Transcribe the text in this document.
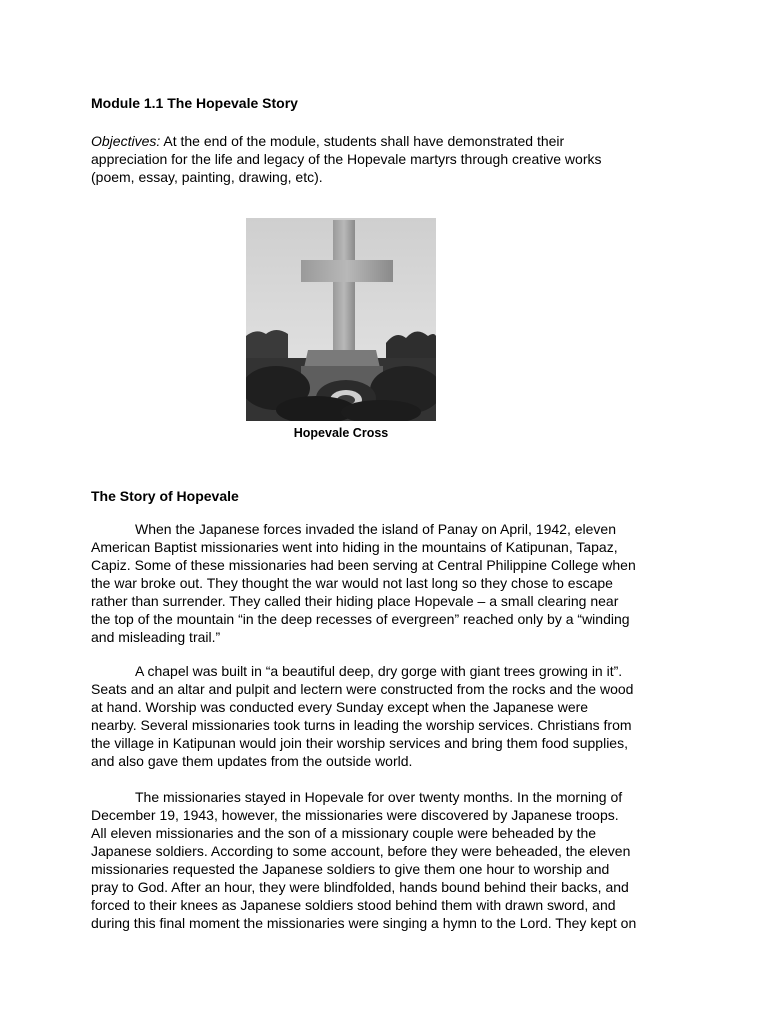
Module 1.1 The Hopevale Story
Objectives: At the end of the module, students shall have demonstrated their
appreciation for the life and legacy of the Hopevale martyrs through creative works
(poem, essay, painting, drawing, etc).
Hopevale Cross
The Story of Hopevale
When the Japanese forces invaded the island of Panay on April, 1942, eleven
American Baptist missionaries went into hiding in the mountains of Katipunan, Tapaz,
Capiz. Some of these missionaries had been serving at Central Philippine College when
the war broke out. They thought the war would not last long so they chose to escape
rather than surrender. They called their hiding place Hopevale – a small clearing near
the top of the mountain “in the deep recesses of evergreen” reached only by a “winding
and misleading trail.”
A chapel was built in “a beautiful deep, dry gorge with giant trees growing in it”.
Seats and an altar and pulpit and lectern were constructed from the rocks and the wood
at hand. Worship was conducted every Sunday except when the Japanese were
nearby. Several missionaries took turns in leading the worship services. Christians from
the village in Katipunan would join their worship services and bring them food supplies,
and also gave them updates from the outside world.
The missionaries stayed in Hopevale for over twenty months. In the morning of
December 19, 1943, however, the missionaries were discovered by Japanese troops.
All eleven missionaries and the son of a missionary couple were beheaded by the
Japanese soldiers. According to some account, before they were beheaded, the eleven
missionaries requested the Japanese soldiers to give them one hour to worship and
pray to God. After an hour, they were blindfolded, hands bound behind their backs, and
forced to their knees as Japanese soldiers stood behind them with drawn sword, and
during this final moment the missionaries were singing a hymn to the Lord. They kept on
